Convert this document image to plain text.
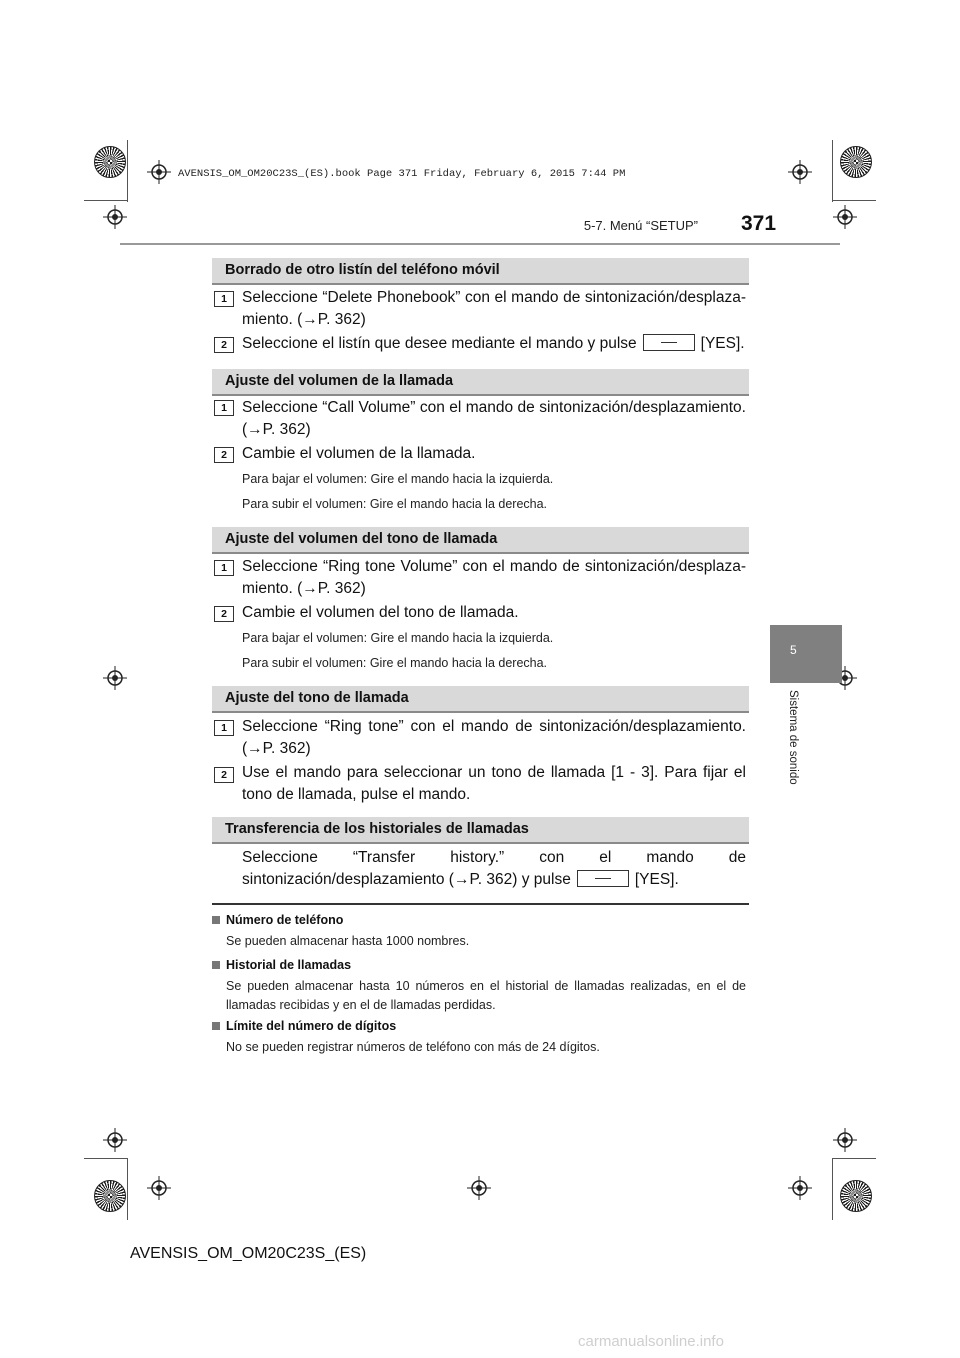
AVENSIS_OM_OM20C23S_(ES).book Page 371 Friday, February 6, 2015 7:44 PM
5-7. Menú “SETUP” 371
5
Sistema de sonido
Borrado de otro listín del teléfono móvil
1 Seleccione “Delete Phonebook” con el mando de sintonización/desplaza-miento. (→P. 362)
2 Seleccione el listín que desee mediante el mando y pulse	[YES].
Ajuste del volumen de la llamada
1 Seleccione “Call Volume” con el mando de sintonización/desplazamiento. (→P. 362)
2 Cambie el volumen de la llamada.
Para bajar el volumen: Gire el mando hacia la izquierda.
Para subir el volumen: Gire el mando hacia la derecha.
Ajuste del volumen del tono de llamada
1 Seleccione “Ring tone Volume” con el mando de sintonización/desplaza-miento. (→P. 362)
2 Cambie el volumen del tono de llamada.
Para bajar el volumen: Gire el mando hacia la izquierda.
Para subir el volumen: Gire el mando hacia la derecha.
Ajuste del tono de llamada
1 Seleccione “Ring tone” con el mando de sintonización/desplazamiento. (→P. 362)
2 Use el mando para seleccionar un tono de llamada [1 - 3]. Para fijar el tono de llamada, pulse el mando.
Transferencia de los historiales de llamadas
Seleccione “Transfer history.” con el mando de sintonización/desplazamiento (→P. 362) y pulse	[YES].
Número de teléfono
Se pueden almacenar hasta 1000 nombres.
Historial de llamadas
Se pueden almacenar hasta 10 números en el historial de llamadas realizadas, en el de llamadas recibidas y en el de llamadas perdidas.
Límite del número de dígitos
No se pueden registrar números de teléfono con más de 24 dígitos.
AVENSIS_OM_OM20C23S_(ES)
carmanualsonline.info
